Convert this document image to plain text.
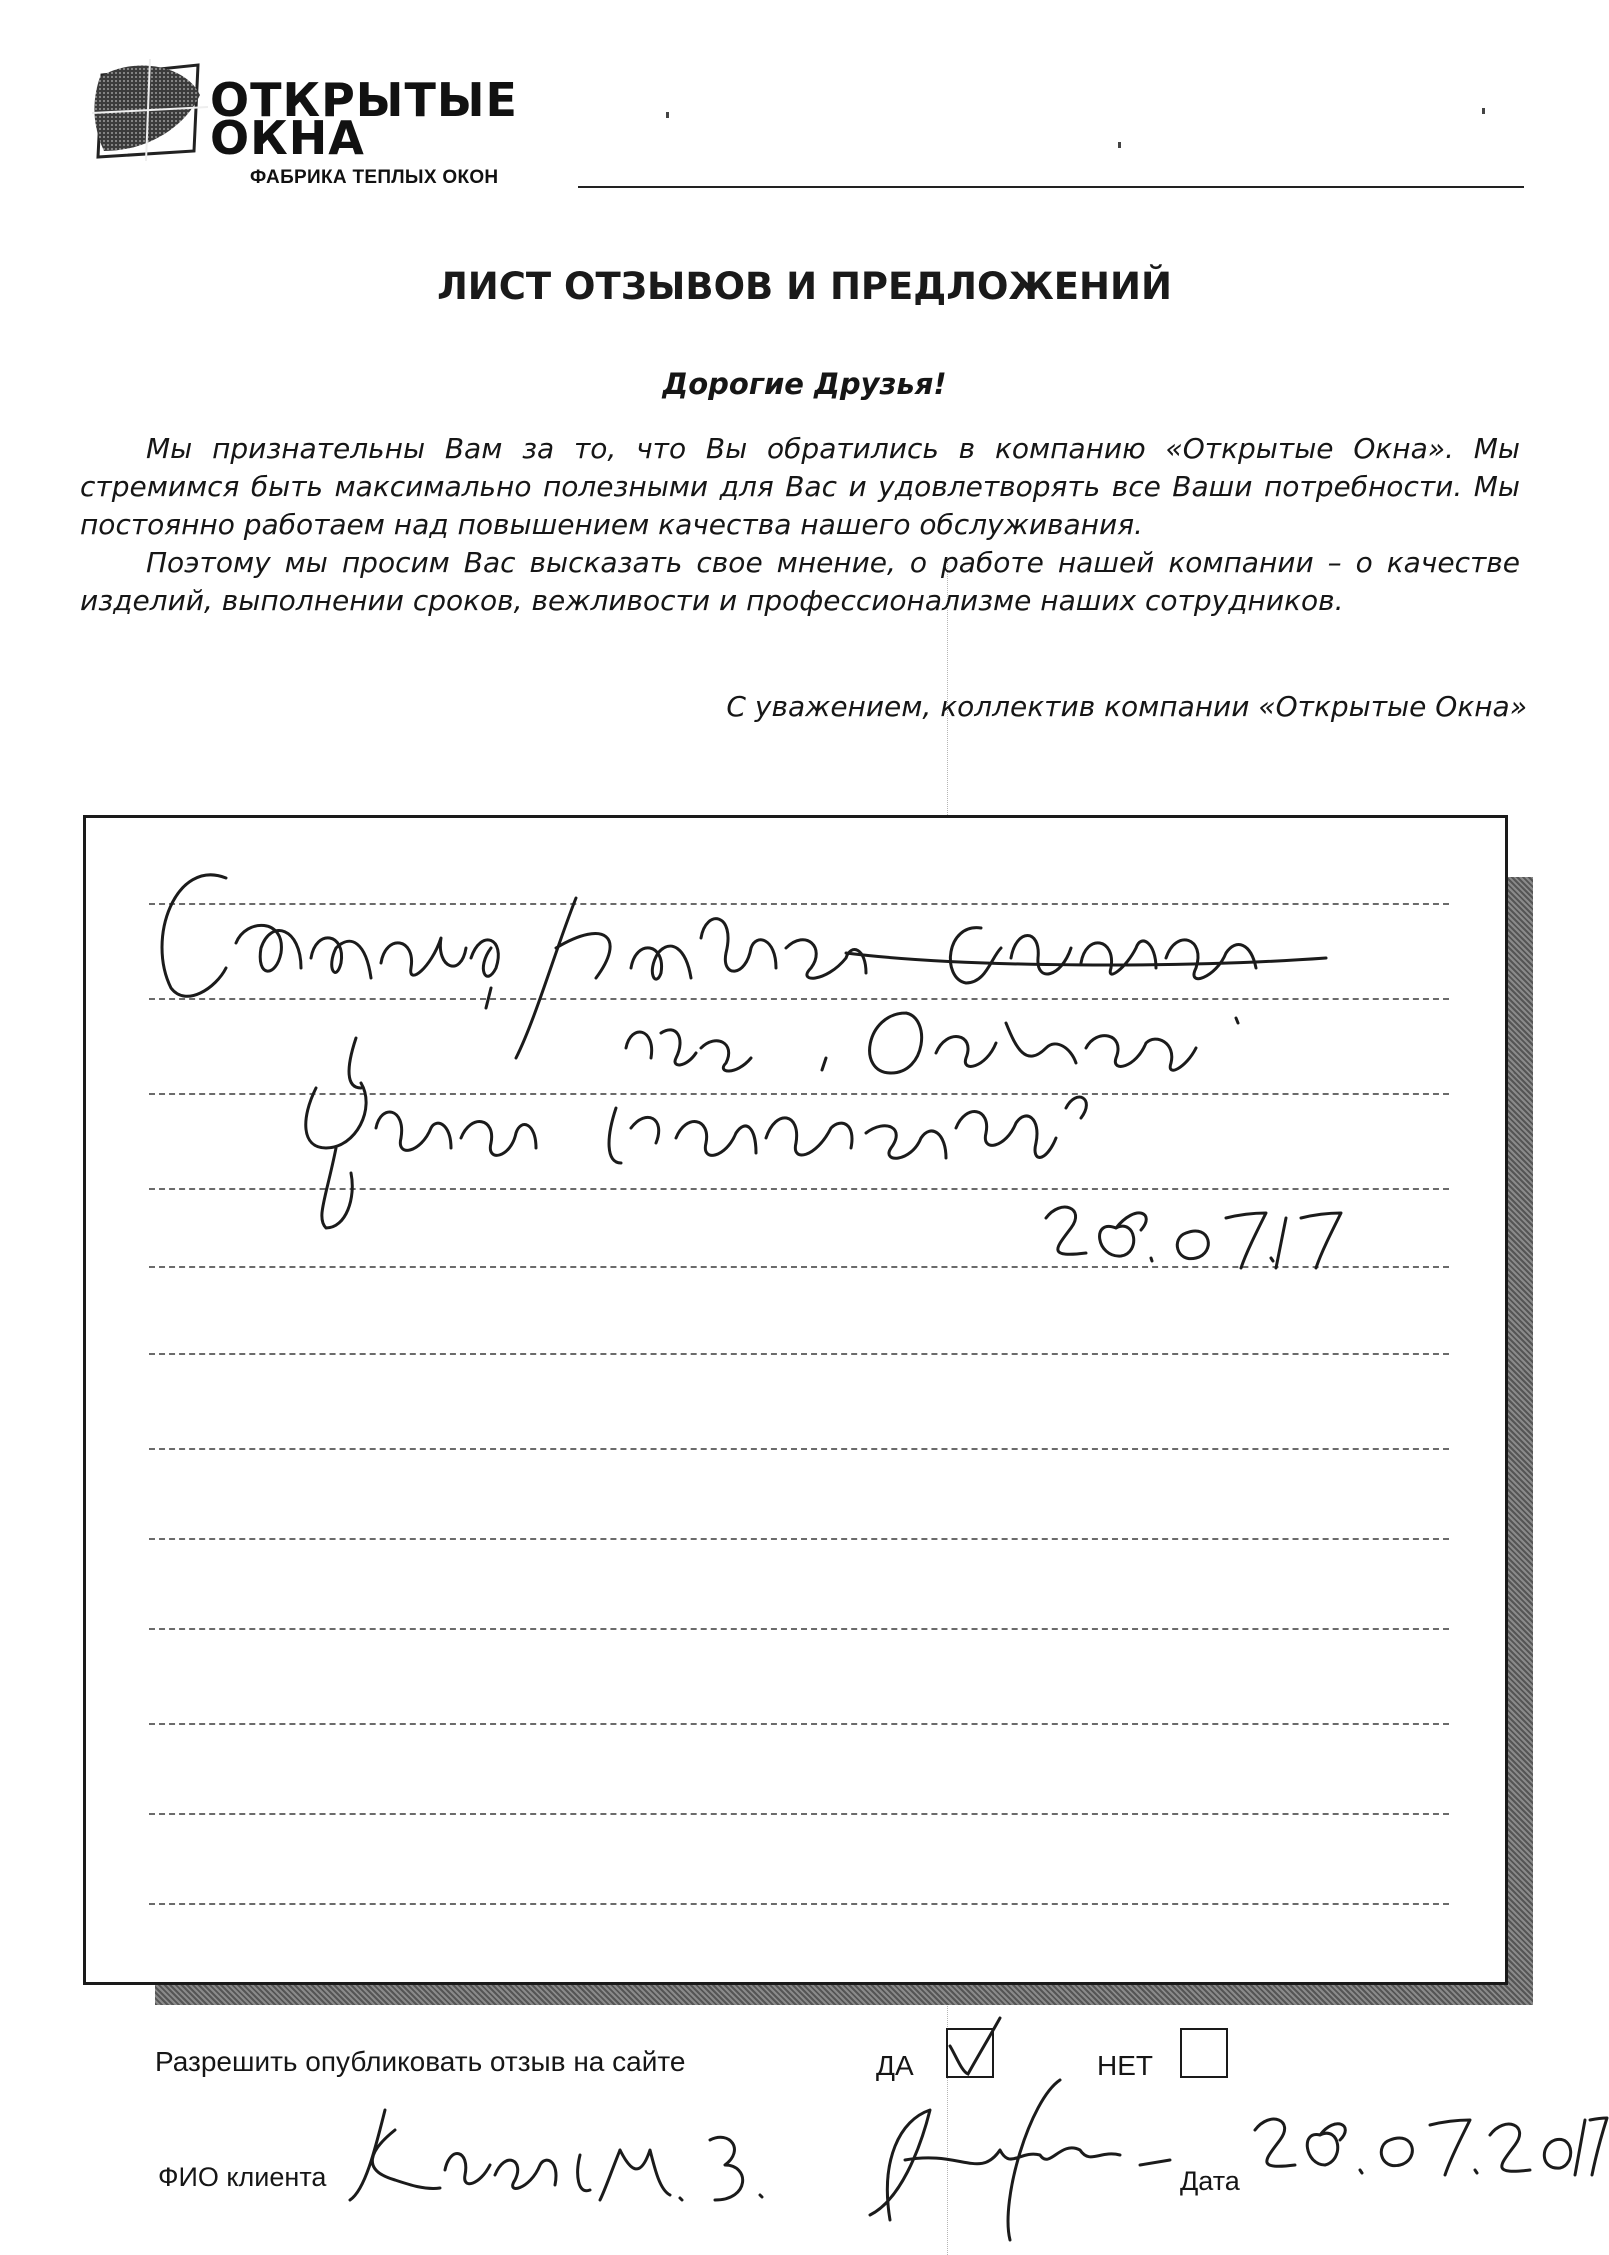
ОТКРЫТЫЕ
ОКНА
ФАБРИКА ТЕПЛЫХ ОКОН
ЛИСТ ОТЗЫВОВ И ПРЕДЛОЖЕНИЙ
Дорогие Друзья!

Мы признательны Вам за то, что Вы обратились в компанию «Открытые Окна». Мы стремимся быть максимально полезными для Вас и удовлетворять все Ваши потребности. Мы постоянно работаем над повышением качества нашего обслуживания.

Поэтому мы просим Вас высказать свое мнение, о работе нашей компании – о качестве изделий, выполнении сроков, вежливости и профессионализме наших сотрудников.

С уважением, коллектив компании «Открытые Окна»
Разрешить опубликовать отзыв на сайте	ДА	НЕТ
ФИО клиента	Дата
